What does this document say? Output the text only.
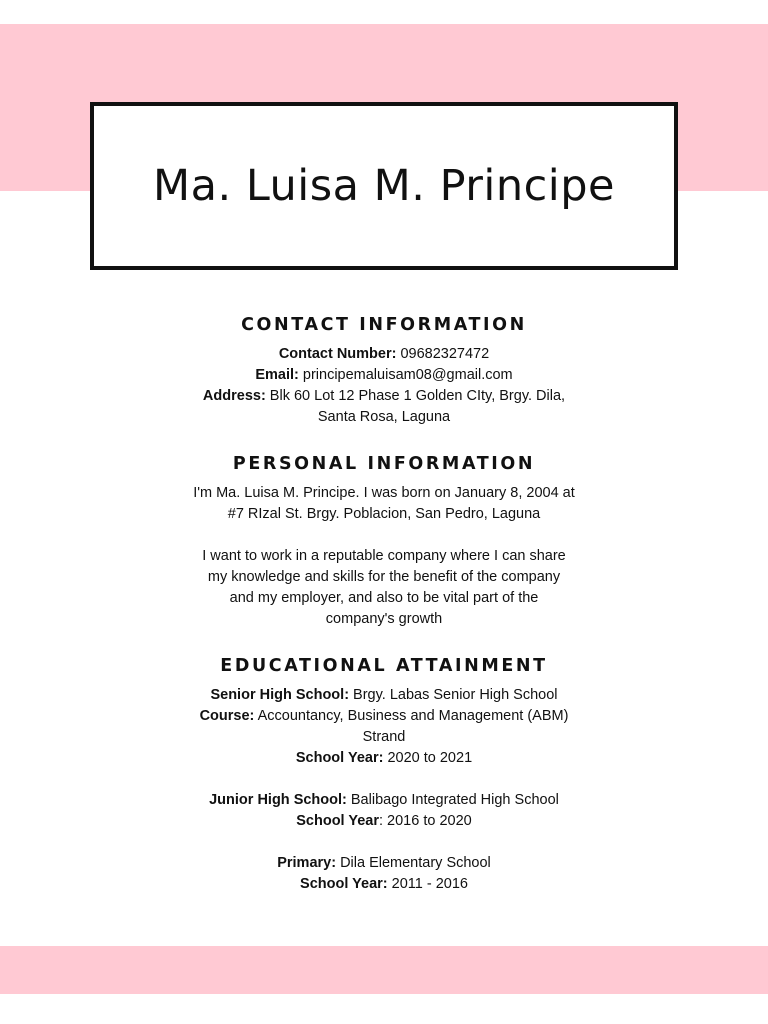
Ma. Luisa M. Principe
CONTACT INFORMATION

Contact Number: 09682327472

Email: principemaluisam08@gmail.com

Address: Blk 60 Lot 12 Phase 1 Golden CIty, Brgy. Dila,

Santa Rosa, Laguna

PERSONAL INFORMATION

I'm Ma. Luisa M. Principe. I was born on January 8, 2004 at

#7 RIzal St. Brgy. Poblacion, San Pedro, Laguna

I want to work in a reputable company where I can share

my knowledge and skills for the benefit of the company

and my employer, and also to be vital part of the

company's growth

EDUCATIONAL ATTAINMENT

Senior High School: Brgy. Labas Senior High School

Course: Accountancy, Business and Management (ABM)

Strand

School Year: 2020 to 2021

Junior High School: Balibago Integrated High School

School Year: 2016 to 2020

Primary: Dila Elementary School

School Year: 2011 - 2016
